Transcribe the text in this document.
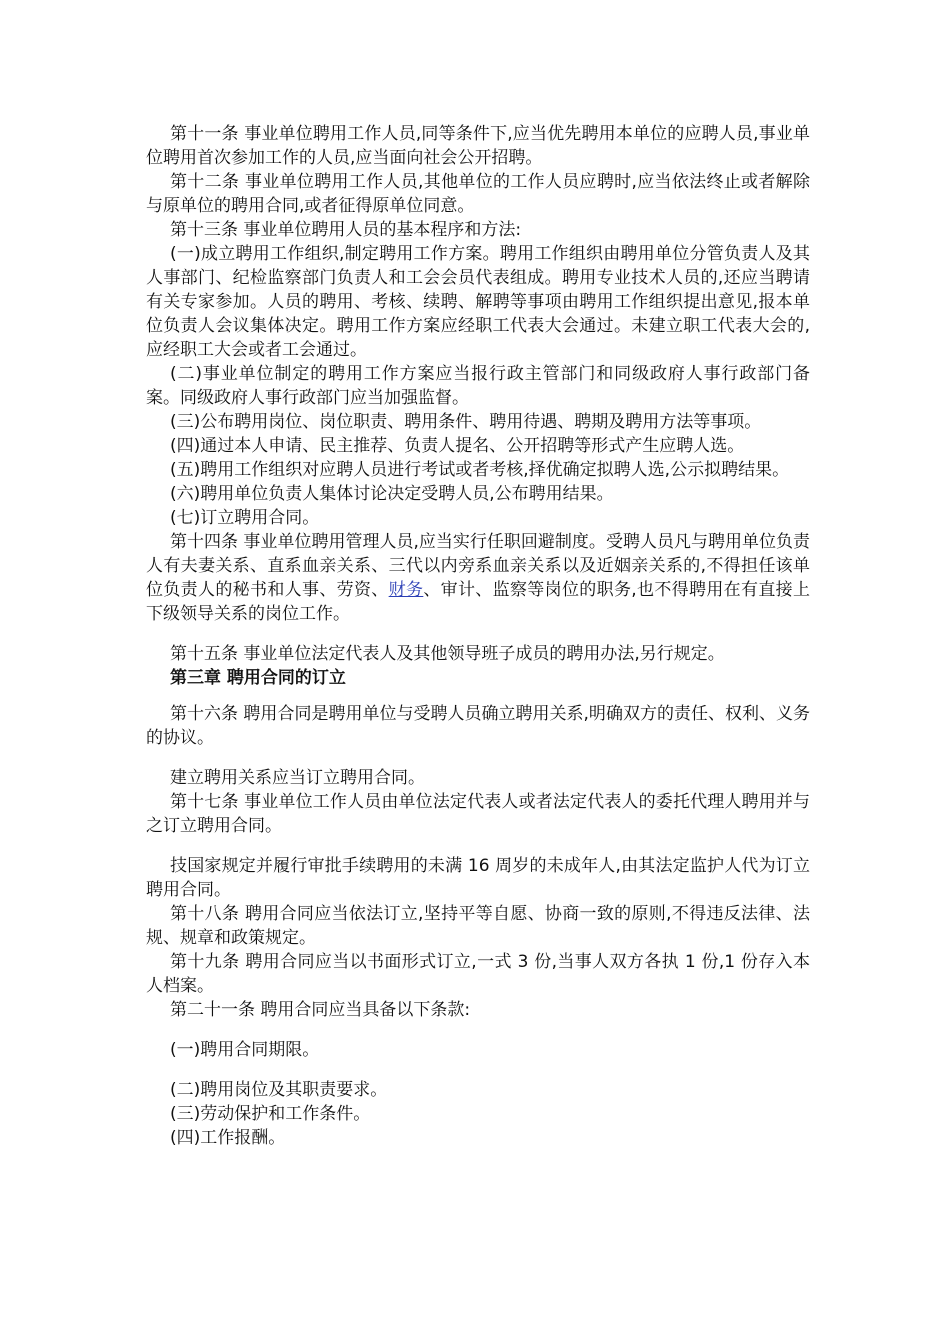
第十一条 事业单位聘用工作人员,同等条件下,应当优先聘用本单位的应聘人员,事业单位聘用首次参加工作的人员,应当面向社会公开招聘。

第十二条 事业单位聘用工作人员,其他单位的工作人员应聘时,应当依法终止或者解除与原单位的聘用合同,或者征得原单位同意。

第十三条 事业单位聘用人员的基本程序和方法:

(一)成立聘用工作组织,制定聘用工作方案。聘用工作组织由聘用单位分管负责人及其人事部门、纪检监察部门负责人和工会会员代表组成。聘用专业技术人员的,还应当聘请有关专家参加。人员的聘用、考核、续聘、解聘等事项由聘用工作组织提出意见,报本单位负责人会议集体决定。聘用工作方案应经职工代表大会通过。未建立职工代表大会的,应经职工大会或者工会通过。

(二)事业单位制定的聘用工作方案应当报行政主管部门和同级政府人事行政部门备案。同级政府人事行政部门应当加强监督。

(三)公布聘用岗位、岗位职责、聘用条件、聘用待遇、聘期及聘用方法等事项。

(四)通过本人申请、民主推荐、负责人提名、公开招聘等形式产生应聘人选。

(五)聘用工作组织对应聘人员进行考试或者考核,择优确定拟聘人选,公示拟聘结果。

(六)聘用单位负责人集体讨论决定受聘人员,公布聘用结果。

(七)订立聘用合同。

第十四条 事业单位聘用管理人员,应当实行任职回避制度。受聘人员凡与聘用单位负责人有夫妻关系、直系血亲关系、三代以内旁系血亲关系以及近姻亲关系的,不得担任该单位负责人的秘书和人事、劳资、财务、审计、监察等岗位的职务,也不得聘用在有直接上下级领导关系的岗位工作。

第十五条 事业单位法定代表人及其他领导班子成员的聘用办法,另行规定。

第三章 聘用合同的订立

第十六条 聘用合同是聘用单位与受聘人员确立聘用关系,明确双方的责任、权利、义务的协议。

建立聘用关系应当订立聘用合同。

第十七条 事业单位工作人员由单位法定代表人或者法定代表人的委托代理人聘用并与之订立聘用合同。

技国家规定并履行审批手续聘用的未满 16 周岁的未成年人,由其法定监护人代为订立聘用合同。

第十八条 聘用合同应当依法订立,坚持平等自愿、协商一致的原则,不得违反法律、法规、规章和政策规定。

第十九条 聘用合同应当以书面形式订立,一式 3 份,当事人双方各执 1 份,1 份存入本人档案。

第二十一条 聘用合同应当具备以下条款:

(一)聘用合同期限。

(二)聘用岗位及其职责要求。

(三)劳动保护和工作条件。

(四)工作报酬。
